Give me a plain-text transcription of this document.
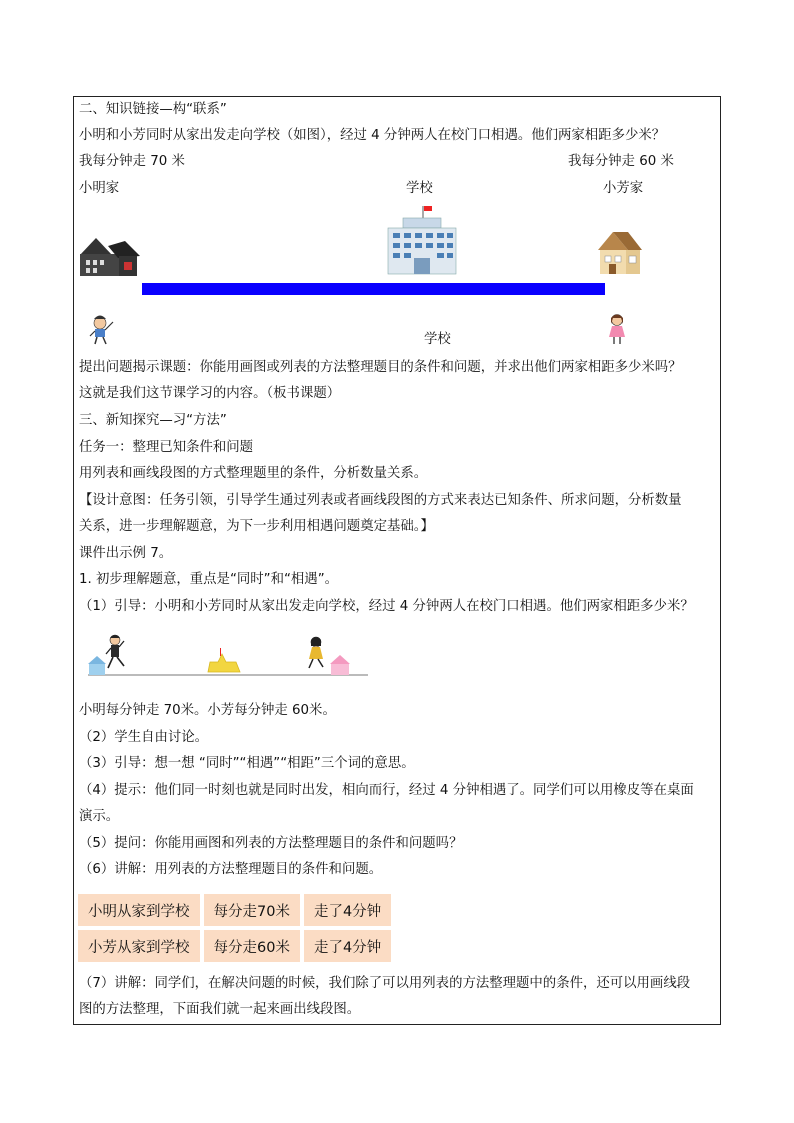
二、知识链接—构“联系”
小明和小芳同时从家出发走向学校（如图），经过 4 分钟两人在校门口相遇。他们两家相距多少米？
我每分钟走 70 米	我每分钟走 60 米
小明家	学校	小芳家
学校
提出问题揭示课题：你能用画图或列表的方法整理题目的条件和问题，并求出他们两家相距多少米吗？
这就是我们这节课学习的内容。（板书课题）
三、新知探究—习“方法”
任务一：整理已知条件和问题
用列表和画线段图的方式整理题里的条件，分析数量关系。
【设计意图：任务引领，引导学生通过列表或者画线段图的方式来表达已知条件、所求问题，分析数量
关系，进一步理解题意，为下一步利用相遇问题奠定基础。】
课件出示例 7。
1. 初步理解题意，重点是“同时”和“相遇”。
（1）引导：小明和小芳同时从家出发走向学校，经过 4 分钟两人在校门口相遇。他们两家相距多少米？
小明每分钟走 70米。小芳每分钟走 60米。
（2）学生自由讨论。
（3）引导：想一想 “同时”“相遇”“相距”三个词的意思。
（4）提示：他们同一时刻也就是同时出发，相向而行，经过 4 分钟相遇了。同学们可以用橡皮等在桌面
演示。
（5）提问：你能用画图和列表的方法整理题目的条件和问题吗？
（6）讲解：用列表的方法整理题目的条件和问题。
小明从家到学校	每分走70米	走了4分钟
小芳从家到学校	每分走60米	走了4分钟
（7）讲解：同学们，在解决问题的时候，我们除了可以用列表的方法整理题中的条件，还可以用画线段
图的方法整理，下面我们就一起来画出线段图。
